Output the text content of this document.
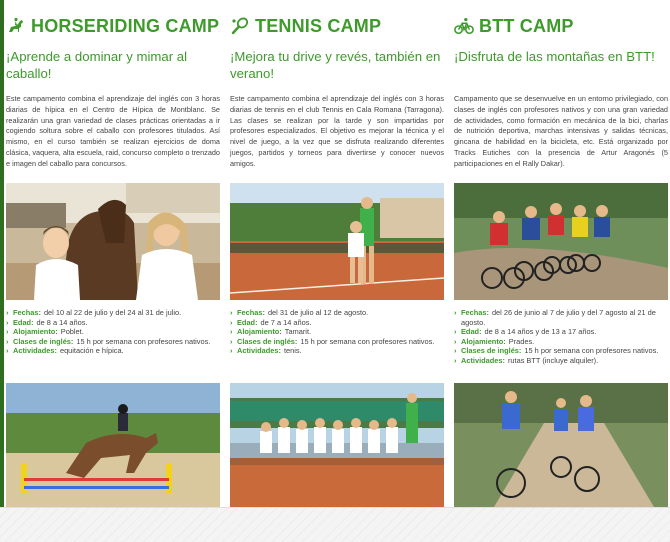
HORSERIDING CAMP
¡Aprende a dominar y mimar al caballo!
Este campamento combina el aprendizaje del inglés con 3 horas diarias de hípica en el Centro de Hípica de Montblanc. Se realizarán una gran variedad de clases prácticas orientadas a ir cogiendo soltura sobre el caballo con profesores titulados. Así mismo, en el curso también se realizan ejercicios de doma clásica, vaquera, alta escuela, raid, concurso completo o trenzado e imagen del caballo para concursos.
› Fechas: del 10 al 22 de julio y del 24 al 31 de julio.
› Edad: de 8 a 14 años.
› Alojamiento: Poblet.
› Clases de inglés: 15 h por semana con profesores nativos.
› Actividades: equitación e hípica.
TENNIS CAMP
¡Mejora tu drive y revés, también en verano!
Este campamento combina el aprendizaje del inglés con 3 horas diarias de tennis en el club Tennis en Cala Romana (Tarragona). Las clases se realizan por la tarde y son impartidas por profesores especializados. El objetivo es mejorar la técnica y el nivel de juego, a la vez que se disfruta realizando diferentes juegos, partidos y torneos para divertirse y conocer nuevos amigos.
› Fechas: del 31 de julio al 12 de agosto.
› Edad: de 7 a 14 años.
› Alojamiento: Tamarit.
› Clases de inglés: 15 h por semana con profesores nativos.
› Actividades: tenis.
BTT CAMP
¡Disfruta de las montañas en BTT!
Campamento que se desenvuelve en un entorno privilegiado, con clases de inglés con profesores nativos y con una gran variedad de actividades, como formación en mecánica de la bici, charlas de nutrición deportiva, marchas intensivas y salidas técnicas, gincana de habilidad en la bicicleta, etc. Está organizado por Tracks Eutiches con la presencia de Artur Aragonés (5 participaciones en el Rally Dakar).
› Fechas: del 26 de junio al 7 de julio y del 7 agosto al 21 de agosto.
› Edad: de 8 a 14 años y de 13 a 17 años.
› Alojamiento: Prades.
› Clases de inglés: 15 h por semana con profesores nativos.
› Actividades: rutas BTT (incluye alquiler).
